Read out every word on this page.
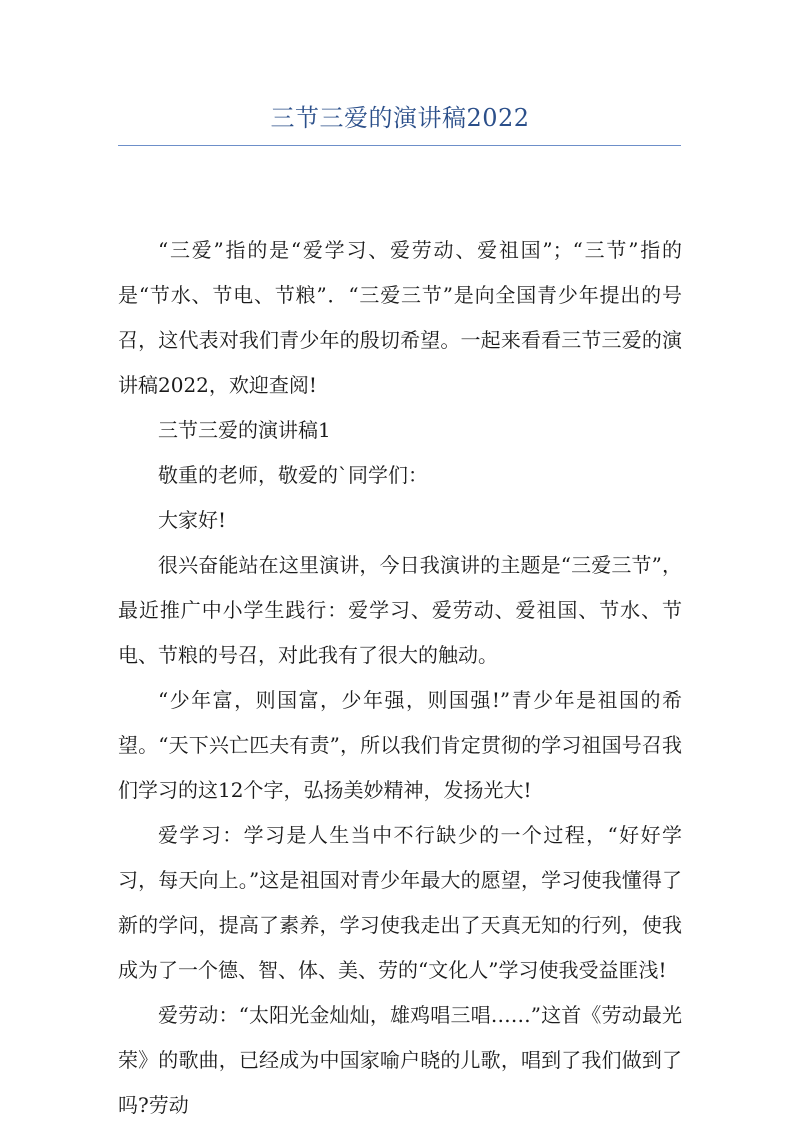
三节三爱的演讲稿2022

“三爱”指的是“爱学习、爱劳动、爱祖国”；“三节”指的是“节水、节电、节粮”．“三爱三节”是向全国青少年提出的号召，这代表对我们青少年的殷切希望。一起来看看三节三爱的演讲稿2022，欢迎查阅!

三节三爱的演讲稿1

敬重的老师，敬爱的`同学们：

大家好!

很兴奋能站在这里演讲，今日我演讲的主题是“三爱三节”，最近推广中小学生践行：爱学习、爱劳动、爱祖国、节水、节电、节粮的号召，对此我有了很大的触动。

“少年富，则国富，少年强，则国强!”青少年是祖国的希望。“天下兴亡匹夫有责”，所以我们肯定贯彻的学习祖国号召我们学习的这12个字，弘扬美妙精神，发扬光大!

爱学习：学习是人生当中不行缺少的一个过程，“好好学习，每天向上。”这是祖国对青少年最大的愿望，学习使我懂得了新的学问，提高了素养，学习使我走出了天真无知的行列，使我成为了一个德、智、体、美、劳的“文化人”学习使我受益匪浅!

爱劳动：“太阳光金灿灿，雄鸡唱三唱……”这首《劳动最光荣》的歌曲，已经成为中国家喻户晓的儿歌，唱到了我们做到了吗?劳动
